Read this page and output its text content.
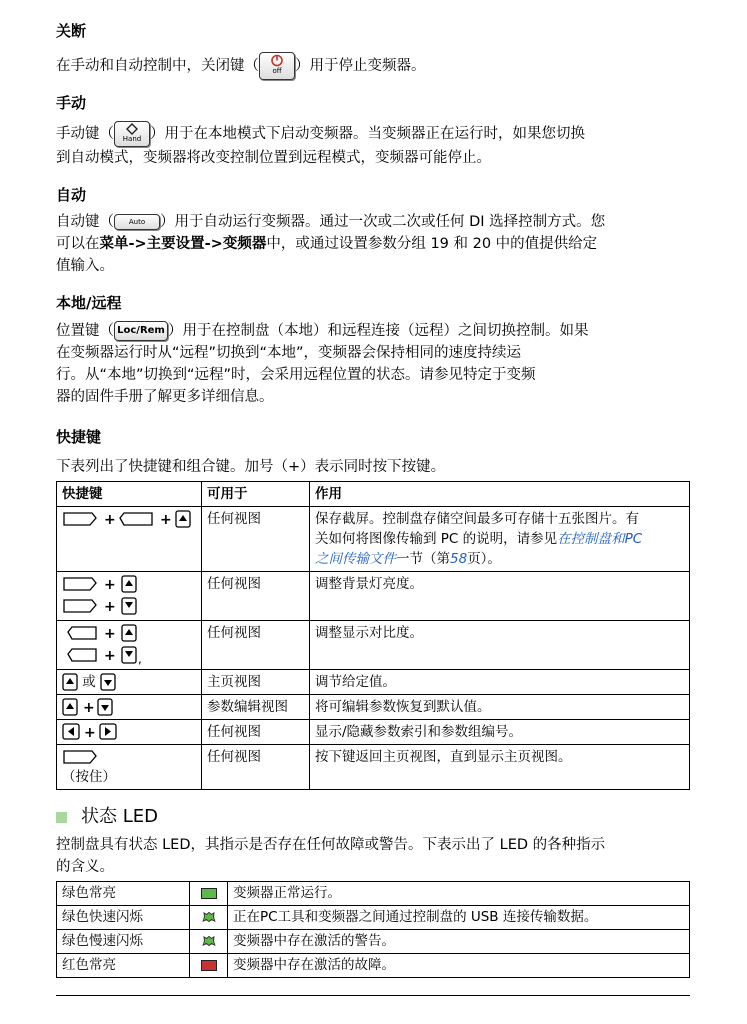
关断
在手动和自动控制中，关闭键（ off ）用于停止变频器。
手动
手动键（ Hand ）用于在本地模式下启动变频器。当变频器正在运行时，如果您切换
到自动模式，变频器将改变控制位置到远程模式，变频器可能停止。
自动
自动键（ Auto ）用于自动运行变频器。通过一次或二次或任何 DI 选择控制方式。您
可以在菜单->主要设置->变频器中，或通过设置参数分组 19 和 20 中的值提供给定
值输入。
本地/远程
位置键（ Loc/Rem ）用于在控制盘（本地）和远程连接（远程）之间切换控制。如果
在变频器运行时从“远程”切换到“本地”，变频器会保持相同的速度持续运
行。从“本地”切换到“远程”时，会采用远程位置的状态。请参见特定于变频
器的固件手册了解更多详细信息。
快捷键
下表列出了快捷键和组合键。加号（+）表示同时按下按键。
快捷键	可用于	作用

+ +	任何视图	保存截屏。控制盘存储空间最多可存储十五张图片。有
关如何将图像传输到 PC 的说明，请参见在控制盘和PC
之间传输文件一节（第58页）。

+
+	任何视图	调整背景灯亮度。

+
+ ,	任何视图	调整显示对比度。
或	主页视图	调节给定值。

+	参数编辑视图	将可编辑参数恢复到默认值。

+	任何视图	显示/隐藏参数索引和参数组编号。

（按住）	任何视图	按下键返回主页视图，直到显示主页视图。
状态 LED
控制盘具有状态 LED，其指示是否存在任何故障或警告。下表示出了 LED 的各种指示
的含义。
绿色常亮		变频器正常运行。
绿色快速闪烁		正在PC工具和变频器之间通过控制盘的 USB 连接传输数据。
绿色慢速闪烁		变频器中存在激活的警告。
红色常亮		变频器中存在激活的故障。
